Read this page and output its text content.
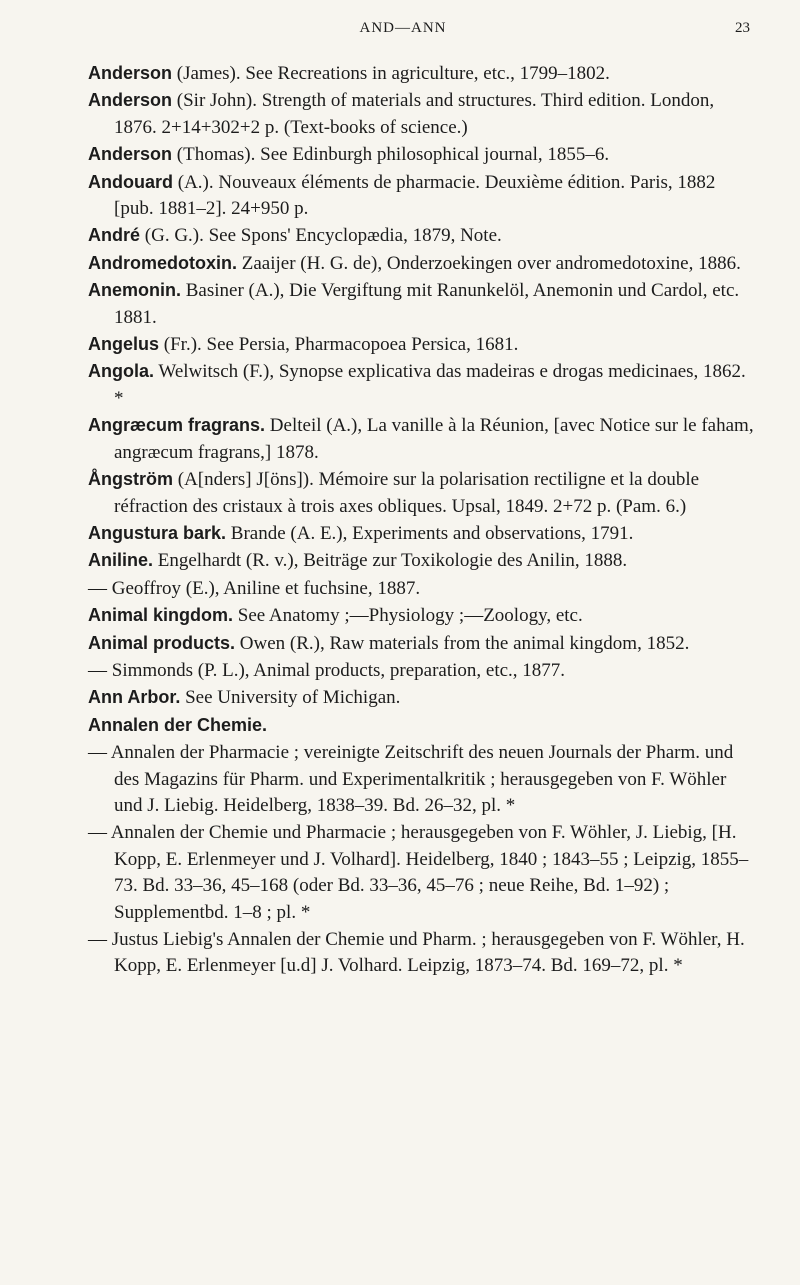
AND—ANN	23
Anderson (James). See Recreations in agriculture, etc., 1799–1802.
Anderson (Sir John). Strength of materials and structures. Third edition. London, 1876. 2+14+302+2 p. (Text-books of science.)
Anderson (Thomas). See Edinburgh philosophical journal, 1855–6.
Andouard (A.). Nouveaux éléments de pharmacie. Deuxième édition. Paris, 1882 [pub. 1881–2]. 24+950 p.
André (G. G.). See Spons' Encyclopædia, 1879, Note.
Andromedotoxin. Zaaijer (H. G. de), Onderzoekingen over andromedotoxine, 1886.
Anemonin. Basiner (A.), Die Vergiftung mit Ranunkelöl, Anemonin und Cardol, etc. 1881.
Angelus (Fr.). See Persia, Pharmacopoea Persica, 1681.
Angola. Welwitsch (F.), Synopse explicativa das madeiras e drogas medicinaes, 1862. *
Angræcum fragrans. Delteil (A.), La vanille à la Réunion, [avec Notice sur le faham, angræcum fragrans,] 1878.
Ångström (A[nders] J[öns]). Mémoire sur la polarisation rectiligne et la double réfraction des cristaux à trois axes obliques. Upsal, 1849. 2+72 p. (Pam. 6.)
Angustura bark. Brande (A. E.), Experiments and observations, 1791.
Aniline. Engelhardt (R. v.), Beiträge zur Toxikologie des Anilin, 1888.
— Geoffroy (E.), Aniline et fuchsine, 1887.
Animal kingdom. See Anatomy ;—Physiology ;—Zoology, etc.
Animal products. Owen (R.), Raw materials from the animal kingdom, 1852.
— Simmonds (P. L.), Animal products, preparation, etc., 1877.
Ann Arbor. See University of Michigan.
Annalen der Chemie.
— Annalen der Pharmacie ; vereinigte Zeitschrift des neuen Journals der Pharm. und des Magazins für Pharm. und Experimentalkritik ; herausgegeben von F. Wöhler und J. Liebig. Heidelberg, 1838–39. Bd. 26–32, pl. *
— Annalen der Chemie und Pharmacie ; herausgegeben von F. Wöhler, J. Liebig, [H. Kopp, E. Erlenmeyer und J. Volhard]. Heidelberg, 1840 ; 1843–55 ; Leipzig, 1855–73. Bd. 33–36, 45–168 (oder Bd. 33–36, 45–76 ; neue Reihe, Bd. 1–92) ; Supplementbd. 1–8 ; pl. *
— Justus Liebig's Annalen der Chemie und Pharm. ; herausgegeben von F. Wöhler, H. Kopp, E. Erlenmeyer [u.d] J. Volhard. Leipzig, 1873–74. Bd. 169–72, pl. *
